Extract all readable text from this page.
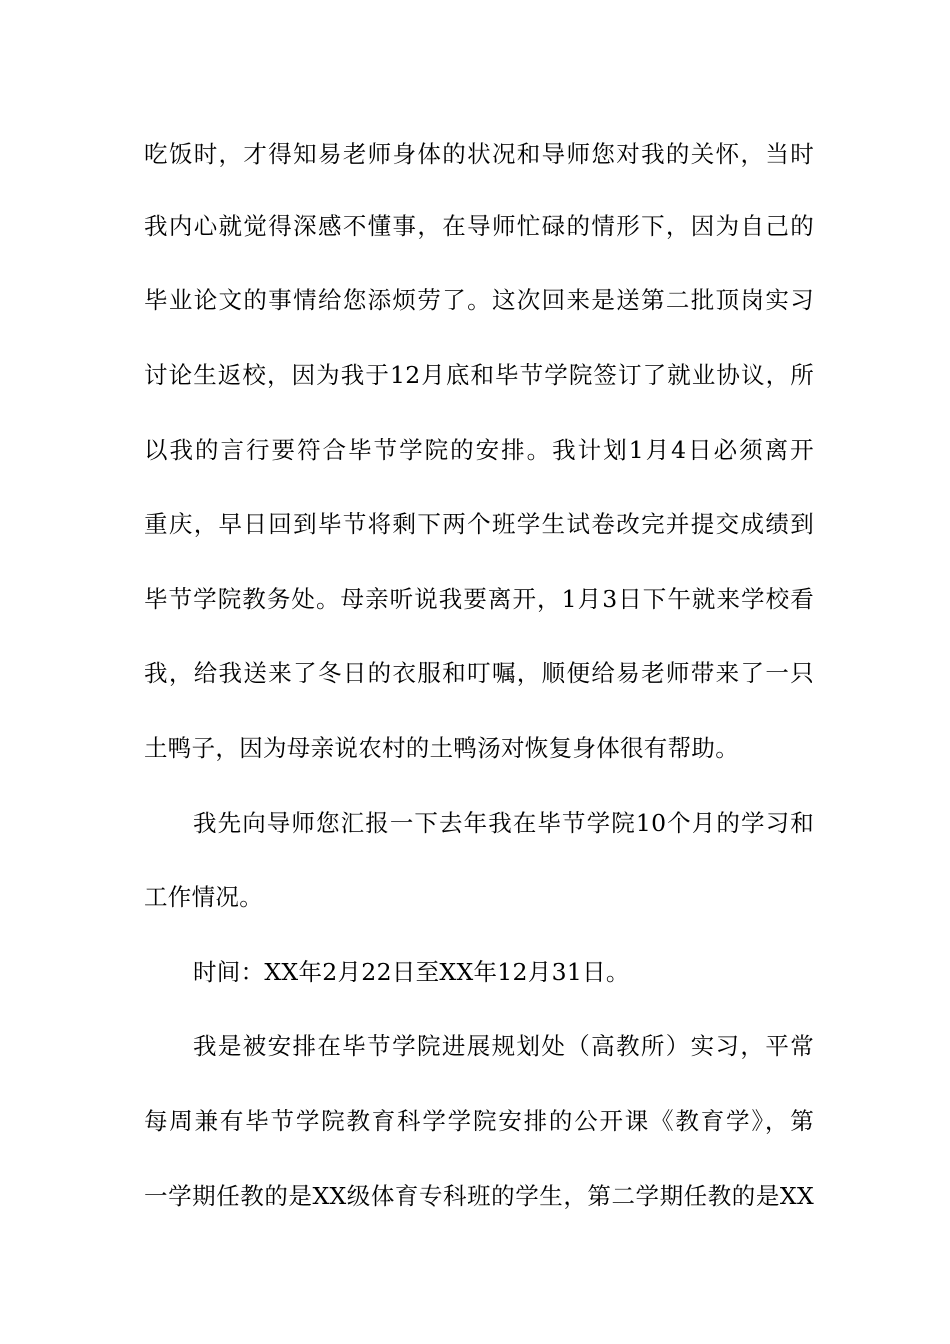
吃饭时，才得知易老师身体的状况和导师您对我的关怀，当时
我内心就觉得深感不懂事，在导师忙碌的情形下，因为自己的
毕业论文的事情给您添烦劳了。这次回来是送第二批顶岗实习
讨论生返校，因为我于12月底和毕节学院签订了就业协议，所
以我的言行要符合毕节学院的安排。我计划1月4日必须离开
重庆，早日回到毕节将剩下两个班学生试卷改完并提交成绩到
毕节学院教务处。母亲听说我要离开，1月3日下午就来学校看
我，给我送来了冬日的衣服和叮嘱，顺便给易老师带来了一只
土鸭子，因为母亲说农村的土鸭汤对恢复身体很有帮助。
我先向导师您汇报一下去年我在毕节学院10个月的学习和
工作情况。
时间：XX年2月22日至XX年12月31日。
我是被安排在毕节学院进展规划处（高教所）实习，平常
每周兼有毕节学院教育科学学院安排的公开课《教育学》，第
一学期任教的是XX级体育专科班的学生，第二学期任教的是XX
